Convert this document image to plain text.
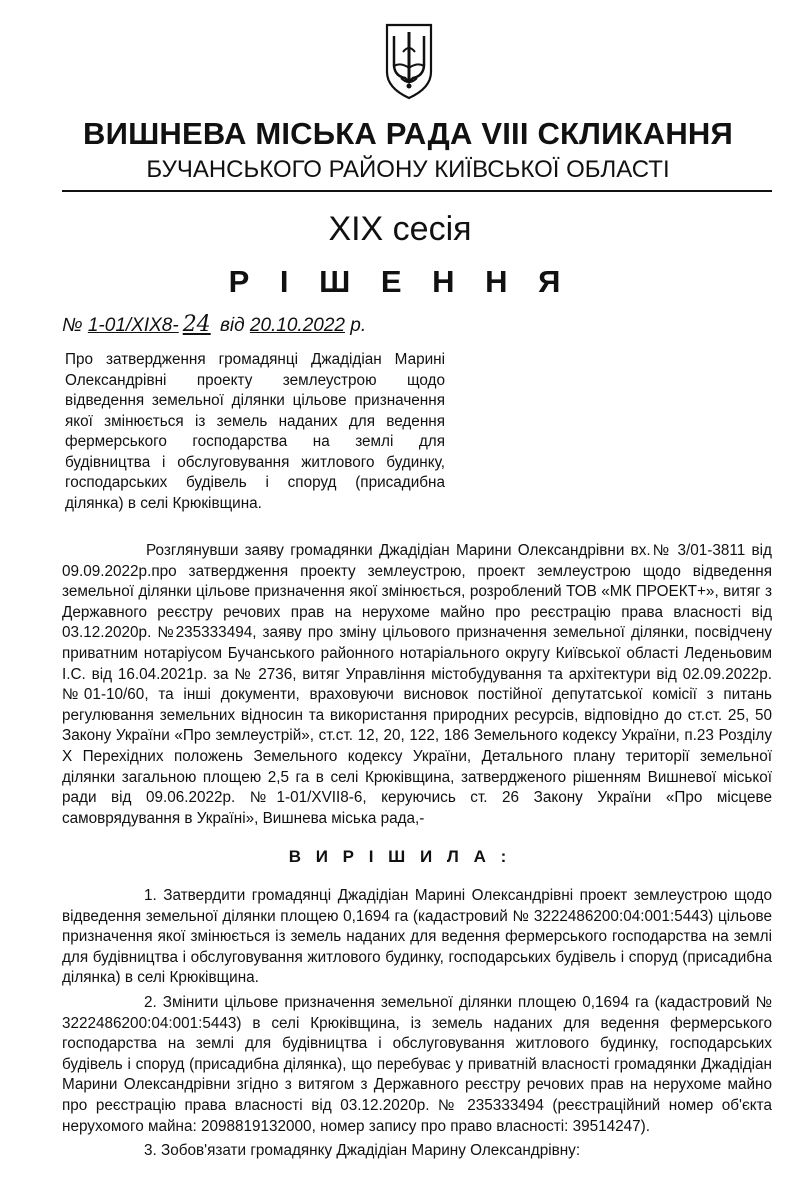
ВИШНЕВА МІСЬКА РАДА VIII СКЛИКАННЯ
БУЧАНСЬКОГО РАЙОНУ КИЇВСЬКОЇ ОБЛАСТІ
XIX сесія
Р І Ш Е Н Н Я
№ 1-01/XIX8- 24 від 20.10.2022 р.
Про затвердження громадянці Джадідіан Марині Олександрівні проекту землеустрою щодо відведення земельної ділянки цільове призначення якої змінюється із земель наданих для ведення фермерського господарства на землі для будівництва і обслуговування житлового будинку, господарських будівель і споруд (присадибна ділянка) в селі Крюківщина.
Розглянувши заяву громадянки Джадідіан Марини Олександрівни вх.№ 3/01-3811 від 09.09.2022р.про затвердження проекту землеустрою, проект землеустрою щодо відведення земельної ділянки цільове призначення якої змінюється, розроблений ТОВ «МК ПРОЕКТ+», витяг з Державного реєстру речових прав на нерухоме майно про реєстрацію права власності від 03.12.2020р. №235333494, заяву про зміну цільового призначення земельної ділянки, посвідчену приватним нотаріусом Бучанського районного нотаріального округу Київської області Леденьовим І.С. від 16.04.2021р. за № 2736, витяг Управління містобудування та архітектури від 02.09.2022р. №01-10/60, та інші документи, враховуючи висновок постійної депутатської комісії з питань регулювання земельних відносин та використання природних ресурсів, відповідно до ст.ст. 25, 50 Закону України «Про землеустрій», ст.ст. 12, 20, 122, 186 Земельного кодексу України, п.23 Розділу X Перехідних положень Земельного кодексу України, Детального плану території земельної ділянки загальною площею 2,5 га в селі Крюківщина, затвердженого рішенням Вишневої міської ради від 09.06.2022р. №1-01/XVII8-6, керуючись ст. 26 Закону України «Про місцеве самоврядування в Україні», Вишнева міська рада,-
В И Р І Ш И Л А :
1. Затвердити громадянці Джадідіан Марині Олександрівні проект землеустрою щодо відведення земельної ділянки площею 0,1694 га (кадастровий № 3222486200:04:001:5443) цільове призначення якої змінюється із земель наданих для ведення фермерського господарства на землі для будівництва і обслуговування житлового будинку, господарських будівель і споруд (присадибна ділянка) в селі Крюківщина.
2. Змінити цільове призначення земельної ділянки площею 0,1694 га (кадастровий № 3222486200:04:001:5443) в селі Крюківщина, із земель наданих для ведення фермерського господарства на землі для будівництва і обслуговування житлового будинку, господарських будівель і споруд (присадибна ділянка), що перебуває у приватній власності громадянки Джадідіан Марини Олександрівни згідно з витягом з Державного реєстру речових прав на нерухоме майно про реєстрацію права власності від 03.12.2020р. № 235333494 (реєстраційний номер об'єкта нерухомого майна: 2098819132000, номер запису про право власності: 39514247).
3. Зобов'язати громадянку Джадідіан Марину Олександрівну:
